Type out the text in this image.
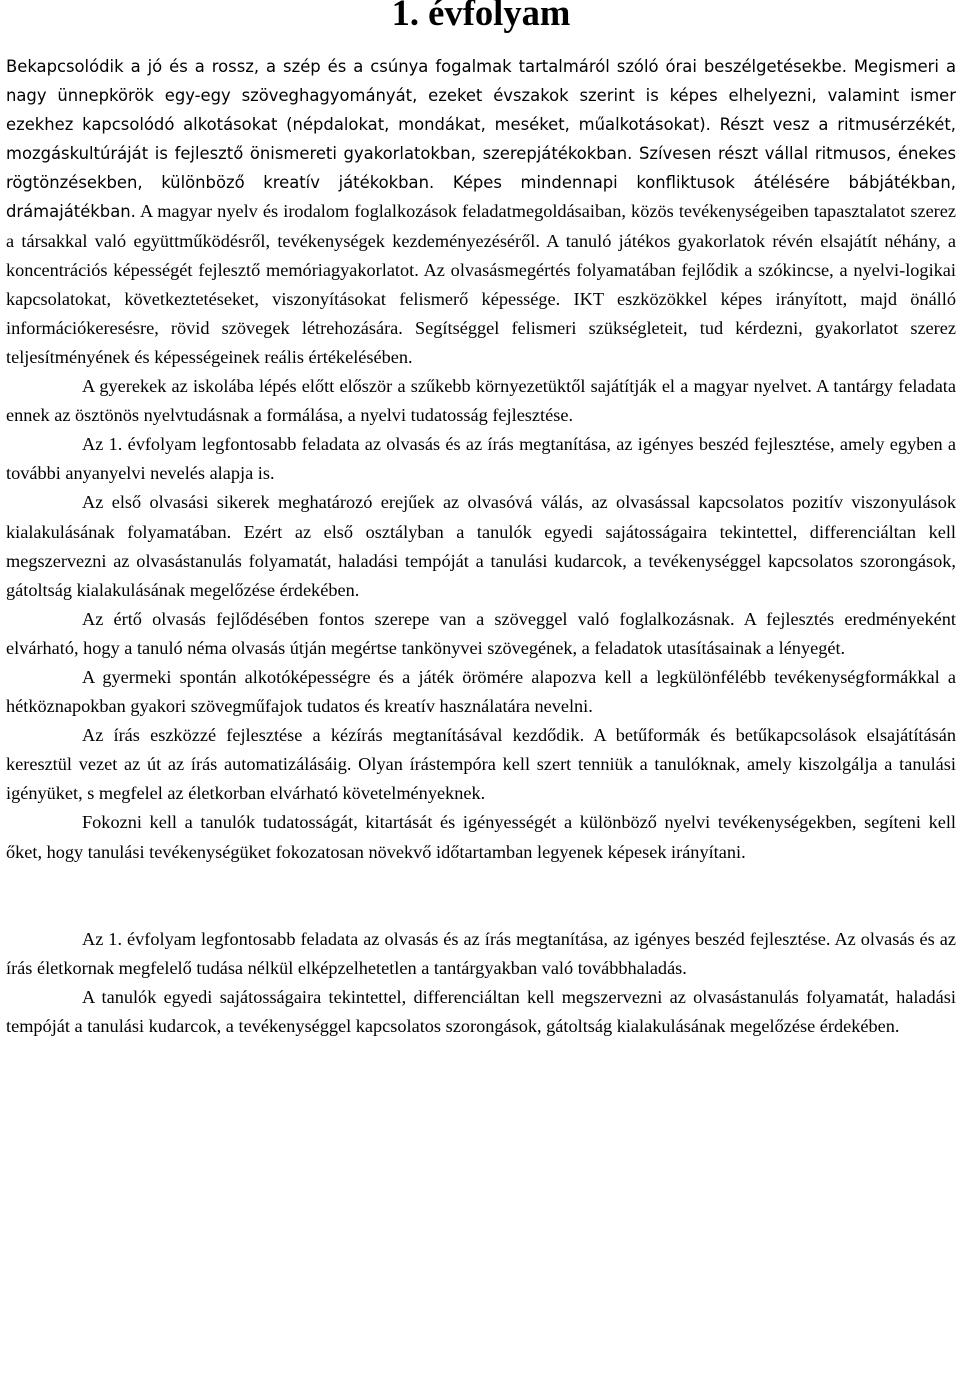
1. évfolyam

Bekapcsolódik a jó és a rossz, a szép és a csúnya fogalmak tartalmáról szóló órai beszélgetésekbe. Megismeri a nagy ünnepkörök egy-egy szöveghagyományát, ezeket évszakok szerint is képes elhelyezni, valamint ismer ezekhez kapcsolódó alkotásokat (népdalokat, mondákat, meséket, műalkotásokat). Részt vesz a ritmusérzékét, mozgáskultúráját is fejlesztő önismereti gyakorlatokban, szerepjátékokban. Szívesen részt vállal ritmusos, énekes rögtönzésekben, különböző kreatív játékokban. Képes mindennapi konfliktusok átélésére bábjátékban, drámajátékban. A magyar nyelv és irodalom foglalkozások feladatmegoldásaiban, közös tevékenységeiben tapasztalatot szerez a társakkal való együttműködésről, tevékenységek kezdeményezéséről. A tanuló játékos gyakorlatok révén elsajátít néhány, a koncentrációs képességét fejlesztő memóriagyakorlatot. Az olvasásmegértés folyamatában fejlődik a szókincse, a nyelvi-logikai kapcsolatokat, következtetéseket, viszonyításokat felismerő képessége. IKT eszközökkel képes irányított, majd önálló információkeresésre, rövid szövegek létrehozására. Segítséggel felismeri szükségleteit, tud kérdezni, gyakorlatot szerez teljesítményének és képességeinek reális értékelésében.

A gyerekek az iskolába lépés előtt először a szűkebb környezetüktől sajátítják el a magyar nyelvet. A tantárgy feladata ennek az ösztönös nyelvtudásnak a formálása, a nyelvi tudatosság fejlesztése.

Az 1. évfolyam legfontosabb feladata az olvasás és az írás megtanítása, az igényes beszéd fejlesztése, amely egyben a további anyanyelvi nevelés alapja is.

Az első olvasási sikerek meghatározó erejűek az olvasóvá válás, az olvasással kapcsolatos pozitív viszonyulások kialakulásának folyamatában. Ezért az első osztályban a tanulók egyedi sajátosságaira tekintettel, differenciáltan kell megszervezni az olvasástanulás folyamatát, haladási tempóját a tanulási kudarcok, a tevékenységgel kapcsolatos szorongások, gátoltság kialakulásának megelőzése érdekében.

Az értő olvasás fejlődésében fontos szerepe van a szöveggel való foglalkozásnak. A fejlesztés eredményeként elvárható, hogy a tanuló néma olvasás útján megértse tankönyvei szövegének, a feladatok utasításainak a lényegét.

A gyermeki spontán alkotóképességre és a játék örömére alapozva kell a legkülönfélébb tevékenységformákkal a hétköznapokban gyakori szövegműfajok tudatos és kreatív használatára nevelni.

Az írás eszközzé fejlesztése a kézírás megtanításával kezdődik. A betűformák és betűkapcsolások elsajátításán keresztül vezet az út az írás automatizálásáig. Olyan írástempóra kell szert tenniük a tanulóknak, amely kiszolgálja a tanulási igényüket, s megfelel az életkorban elvárható követelményeknek.

Fokozni kell a tanulók tudatosságát, kitartását és igényességét a különböző nyelvi tevékenységekben, segíteni kell őket, hogy tanulási tevékenységüket fokozatosan növekvő időtartamban legyenek képesek irányítani.

Az 1. évfolyam legfontosabb feladata az olvasás és az írás megtanítása, az igényes beszéd fejlesztése. Az olvasás és az írás életkornak megfelelő tudása nélkül elképzelhetetlen a tantárgyakban való továbbhaladás.

A tanulók egyedi sajátosságaira tekintettel, differenciáltan kell megszervezni az olvasástanulás folyamatát, haladási tempóját a tanulási kudarcok, a tevékenységgel kapcsolatos szorongások, gátoltság kialakulásának megelőzése érdekében.
